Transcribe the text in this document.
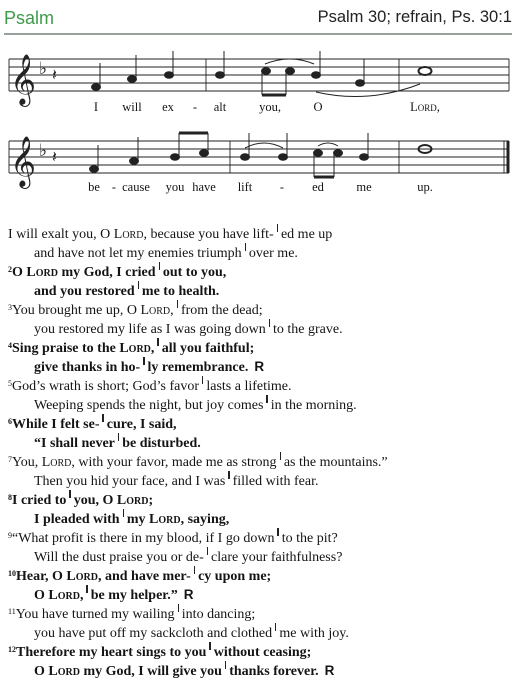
Psalm	Psalm 30; refrain, Ps. 30:1
𝄞 ♭
𝄞 ♭
𝄽
𝄽
I will ex - alt	you,	O	Lord,
be - cause you have lift - ed	me	up.
I will exalt you, O Lord, because you have lift- ed me up
and have not let my enemies triumph over me.
$^2$O Lord my God, I cried out to you,
and you restored me to health.
$^3$You brought me up, O Lord, from the dead;
you restored my life as I was going down to the grave.
$^4$Sing praise to the Lord, all you faithful;
give thanks in ho- ly remembrance. R
$^5$God’s wrath is short; God’s favor lasts a lifetime.
Weeping spends the night, but joy comes in the morning.
$^6$While I felt se- cure, I said,
“I shall never be disturbed.
$^7$You, Lord, with your favor, made me as strong as the mountains.”
Then you hid your face, and I was filled with fear.
$^8$I cried to you, O Lord;
I pleaded with my Lord, saying,
$^9$“What profit is there in my blood, if I go down to the pit?
Will the dust praise you or de- clare your faithfulness?
$^{10}$Hear, O Lord, and have mer- cy upon me;
O Lord, be my helper.” R
$^{11}$You have turned my wailing into dancing;
you have put off my sackcloth and clothed me with joy.
$^{12}$Therefore my heart sings to you without ceasing;
O Lord my God, I will give you thanks forever. R
